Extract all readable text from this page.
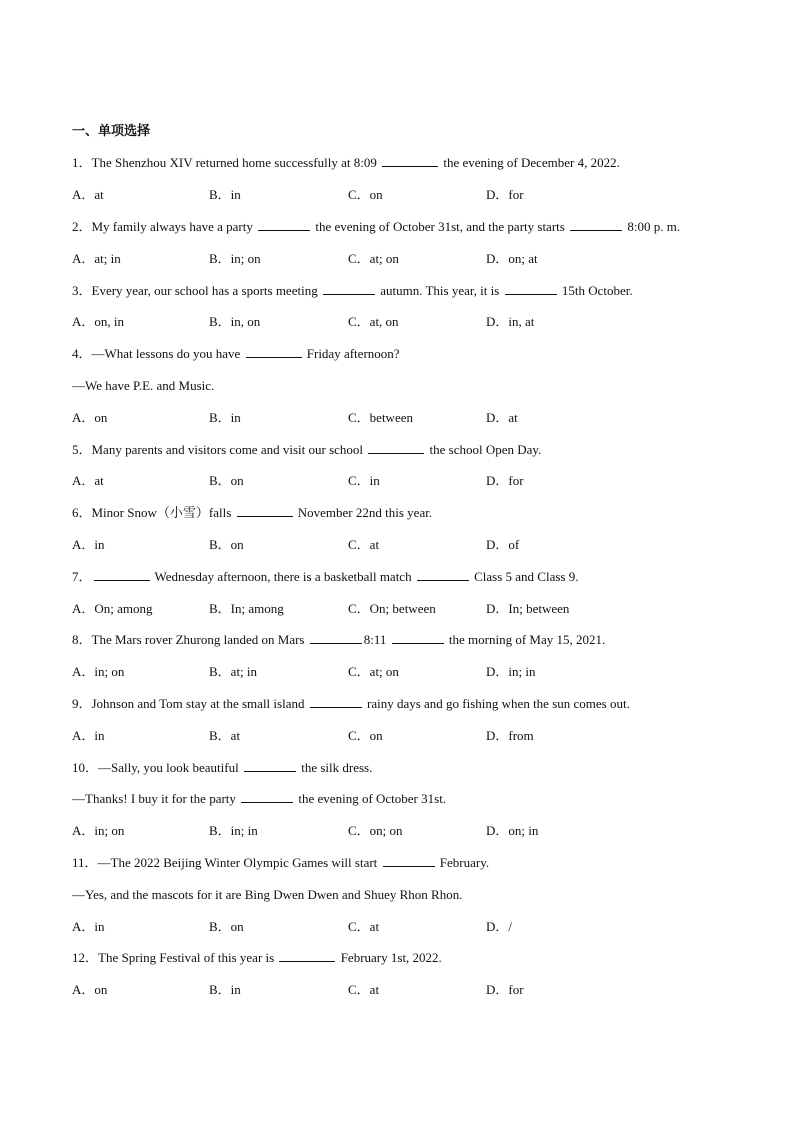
一、单项选择
1．The Shenzhou XIV returned home successfully at 8:09	the evening of December 4, 2022.
A．at	B．in	C．on	D．for
2．My family always have a party	the evening of October 31st, and the party starts	8:00 p. m.
A．at; in	B．in; on	C．at; on	D．on; at
3．Every year, our school has a sports meeting	autumn. This year, it is	15th October.
A．on, in	B．in, on	C．at, on	D．in, at
4．—What lessons do you have	Friday afternoon?
—We have P.E. and Music.
A．on	B．in	C．between	D．at
5．Many parents and visitors come and visit our school	the school Open Day.
A．at	B．on	C．in	D．for
6．Minor Snow（小雪）falls	November 22nd this year.
A．in	B．on	C．at	D．of
7．	Wednesday afternoon, there is a basketball match	Class 5 and Class 9.
A．On; among	B．In; among	C．On; between	D．In; between
8．The Mars rover Zhurong landed on Mars	8:11	the morning of May 15, 2021.
A．in; on	B．at; in	C．at; on	D．in; in
9．Johnson and Tom stay at the small island	rainy days and go fishing when the sun comes out.
A．in	B．at	C．on	D．from
10．—Sally, you look beautiful	the silk dress.
—Thanks! I buy it for the party	the evening of October 31st.
A．in; on	B．in; in	C．on; on	D．on; in
11．—The 2022 Beijing Winter Olympic Games will start	February.
—Yes, and the mascots for it are Bing Dwen Dwen and Shuey Rhon Rhon.
A．in	B．on	C．at	D．/
12．The Spring Festival of this year is	February 1st, 2022.
A．on	B．in	C．at	D．for
